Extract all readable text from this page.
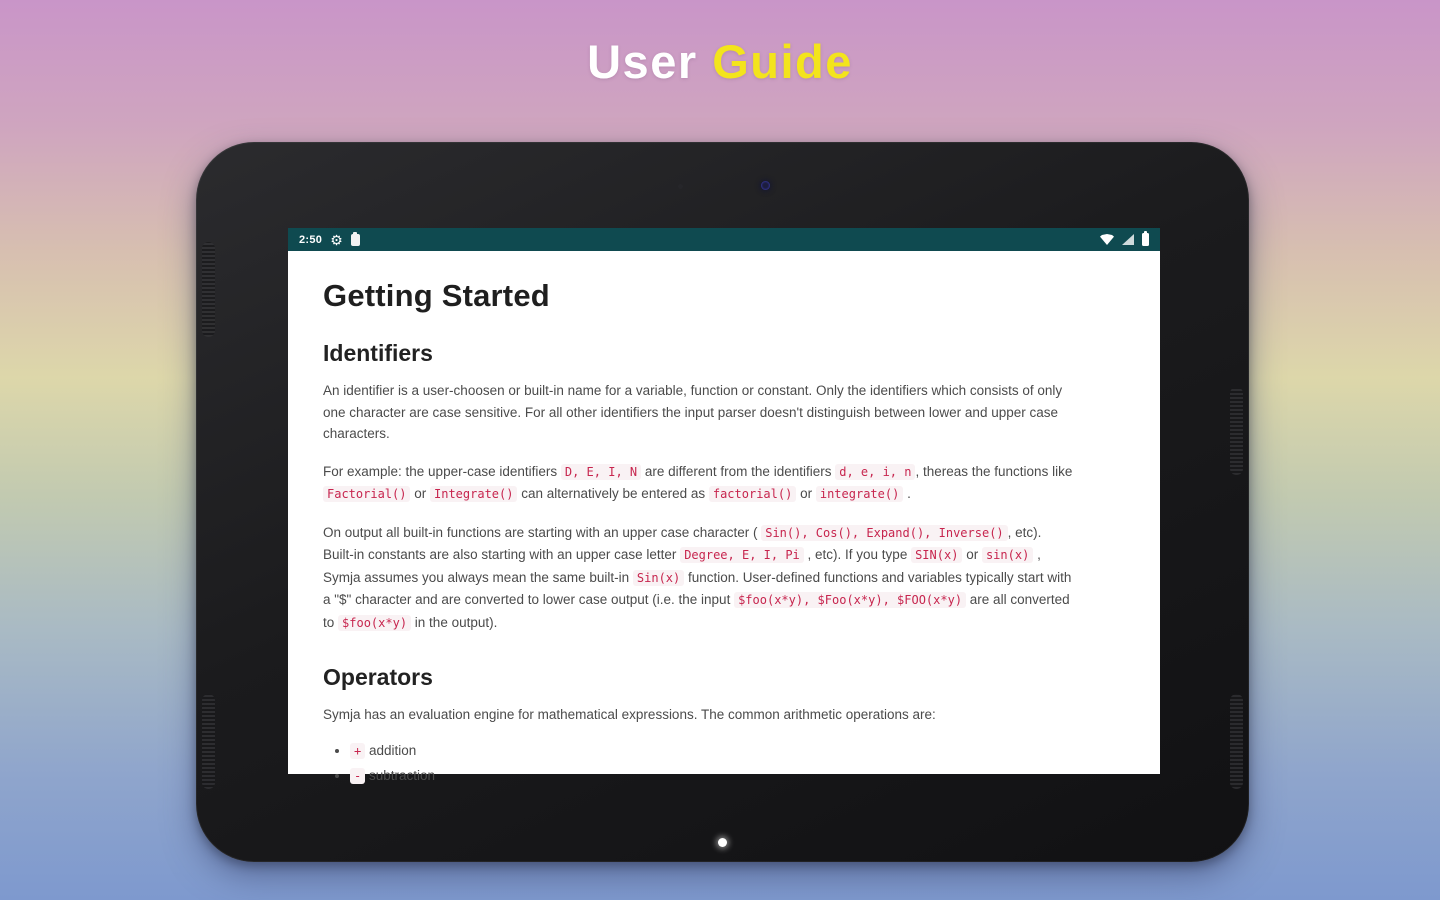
User Guide
2:50 ⚙
Getting Started
Identifiers

An identifier is a user-choosen or built-in name for a variable, function or constant. Only the identifiers which consists of only one character are case sensitive. For all other identifiers the input parser doesn't distinguish between lower and upper case characters.

For example: the upper-case identifiers D, E, I, N are different from the identifiers d, e, i, n , thereas the functions like Factorial() or Integrate() can alternatively be entered as factorial() or integrate() .

On output all built-in functions are starting with an upper case character ( Sin(), Cos(), Expand(), Inverse() , etc). Built-in constants are also starting with an upper case letter Degree, E, I, Pi , etc). If you type SIN(x) or sin(x) , Symja assumes you always mean the same built-in Sin(x) function. User-defined functions and variables typically start with a "$" character and are converted to lower case output (i.e. the input $foo(x*y), $Foo(x*y), $FOO(x*y) are all converted to $foo(x*y) in the output).

Operators

Symja has an evaluation engine for mathematical expressions. The common arithmetic operations are:

• + addition
• - subtraction
